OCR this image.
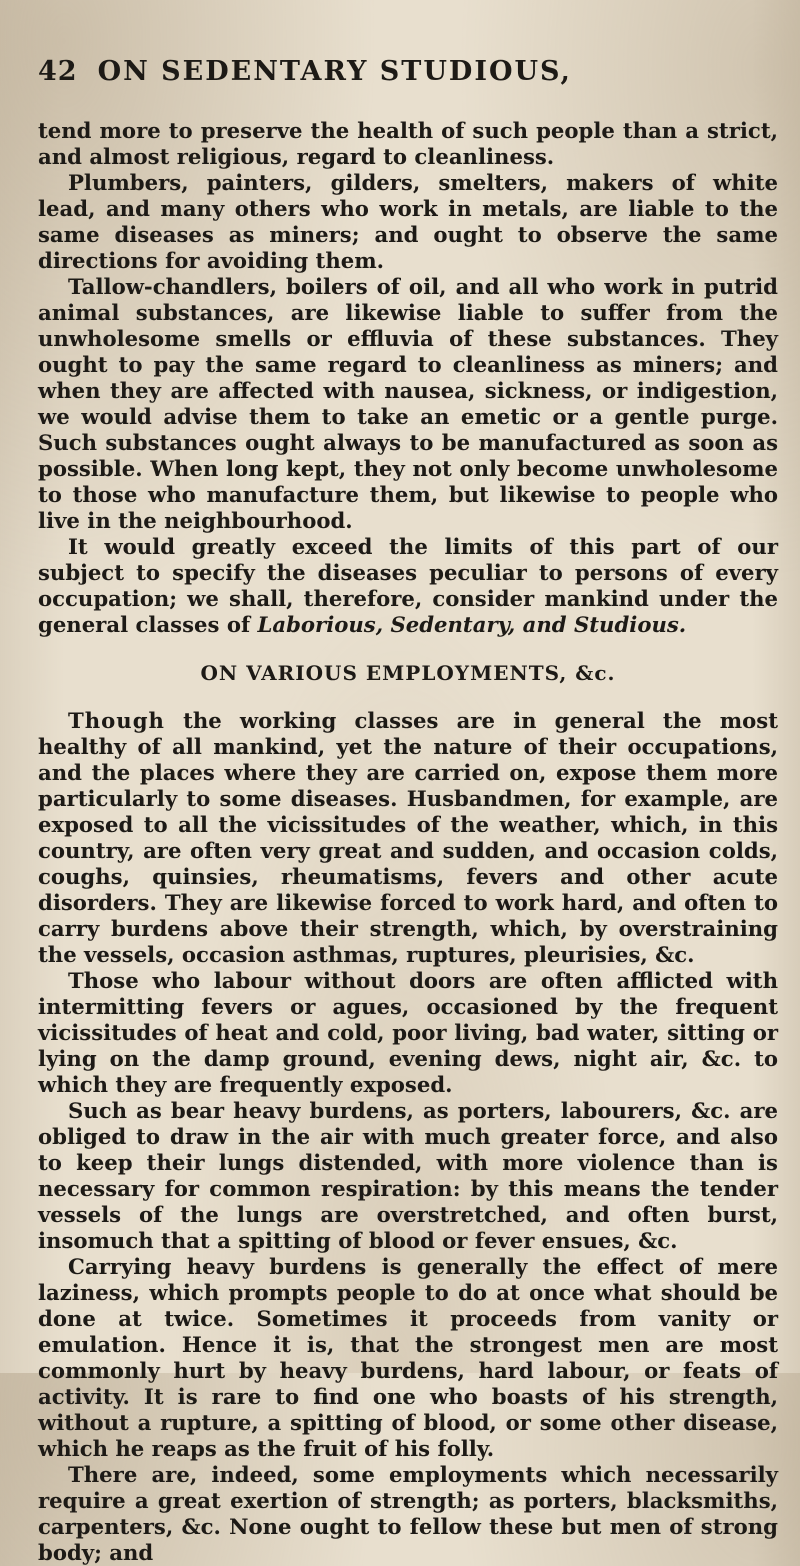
42 ON SEDENTARY STUDIOUS,

tend more to preserve the health of such people than a strict, and almost religious, regard to cleanliness.

Plumbers, painters, gilders, smelters, makers of white lead, and many others who work in metals, are liable to the same diseases as miners; and ought to observe the same directions for avoiding them.

Tallow-chandlers, boilers of oil, and all who work in putrid animal substances, are likewise liable to suffer from the unwholesome smells or effluvia of these substances. They ought to pay the same regard to cleanliness as miners; and when they are affected with nausea, sickness, or indigestion, we would advise them to take an emetic or a gentle purge. Such substances ought always to be manufactured as soon as possible. When long kept, they not only become unwholesome to those who manufacture them, but likewise to people who live in the neighbourhood.

It would greatly exceed the limits of this part of our subject to specify the diseases peculiar to persons of every occupation; we shall, therefore, consider mankind under the general classes of Laborious, Sedentary, and Studious.

ON VARIOUS EMPLOYMENTS, &c.

Though the working classes are in general the most healthy of all mankind, yet the nature of their occupations, and the places where they are carried on, expose them more particularly to some diseases. Husbandmen, for example, are exposed to all the vicissitudes of the weather, which, in this country, are often very great and sudden, and occasion colds, coughs, quinsies, rheumatisms, fevers and other acute disorders. They are likewise forced to work hard, and often to carry burdens above their strength, which, by overstraining the vessels, occasion asthmas, ruptures, pleurisies, &c.

Those who labour without doors are often afflicted with intermitting fevers or agues, occasioned by the frequent vicissitudes of heat and cold, poor living, bad water, sitting or lying on the damp ground, evening dews, night air, &c. to which they are frequently exposed.

Such as bear heavy burdens, as porters, labourers, &c. are obliged to draw in the air with much greater force, and also to keep their lungs distended, with more violence than is necessary for common respiration: by this means the tender vessels of the lungs are overstretched, and often burst, insomuch that a spitting of blood or fever ensues, &c.

Carrying heavy burdens is generally the effect of mere laziness, which prompts people to do at once what should be done at twice. Sometimes it proceeds from vanity or emulation. Hence it is, that the strongest men are most commonly hurt by heavy burdens, hard labour, or feats of activity. It is rare to find one who boasts of his strength, without a rupture, a spitting of blood, or some other disease, which he reaps as the fruit of his folly.

There are, indeed, some employments which necessarily require a great exertion of strength; as porters, blacksmiths, carpenters, &c. None ought to fellow these but men of strong body; and
